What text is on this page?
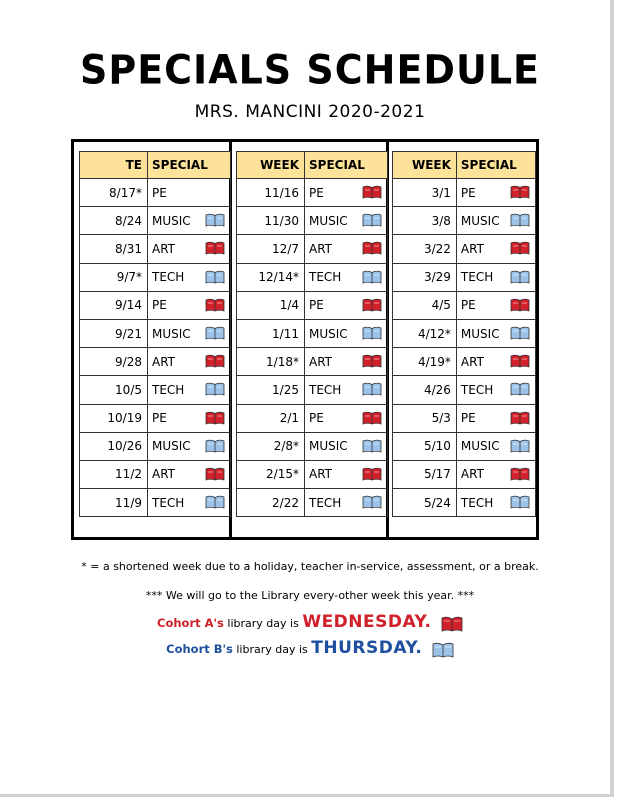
SPECIALS SCHEDULE
MRS. MANCINI 2020-2021
TE	SPECIAL
8/17*	PE
8/24	MUSIC

8/31	ART

9/7*	TECH

9/14	PE

9/21	MUSIC

9/28	ART

10/5	TECH

10/19	PE

10/26	MUSIC

11/2	ART

11/9	TECH
WEEK	SPECIAL
11/16	PE

11/30	MUSIC

12/7	ART

12/14*	TECH

1/4	PE

1/11	MUSIC

1/18*	ART

1/25	TECH

2/1	PE

2/8*	MUSIC

2/15*	ART

2/22	TECH
WEEK	SPECIAL
3/1	PE

3/8	MUSIC

3/22	ART

3/29	TECH

4/5	PE

4/12*	MUSIC

4/19*	ART

4/26	TECH

5/3	PE

5/10	MUSIC

5/17	ART

5/24	TECH
* = a shortened week due to a holiday, teacher in-service, assessment, or a break.
*** We will go to the Library every-other week this year. ***
Cohort A's library day is WEDNESDAY.
Cohort B's library day is THURSDAY.
